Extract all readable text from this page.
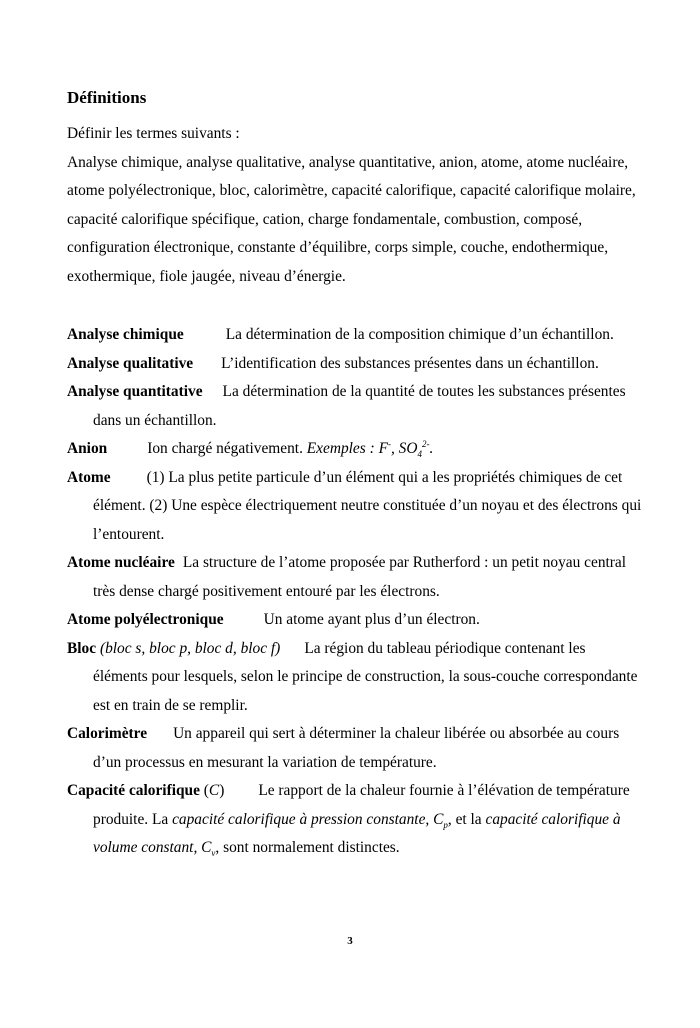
Définitions

Définir les termes suivants :

Analyse chimique, analyse qualitative, analyse quantitative, anion, atome, atome nucléaire, atome polyélectronique, bloc, calorimètre, capacité calorifique, capacité calorifique molaire, capacité calorifique spécifique, cation, charge fondamentale, combustion, composé, configuration électronique, constante d’équilibre, corps simple, couche, endothermique, exothermique, fiole jaugée, niveau d’énergie.

Analyse chimique	La détermination de la composition chimique d’un échantillon.

Analyse qualitative L’identification des substances présentes dans un échantillon.

Analyse quantitative La détermination de la quantité de toutes les substances présentes dans un échantillon.

Anion	Ion chargé négativement. Exemples : F-, $SO_4^{2-}$.

Atome (1) La plus petite particule d’un élément qui a les propriétés chimiques de cet élément. (2) Une espèce électriquement neutre constituée d’un noyau et des électrons qui l’entourent.

Atome nucléaire La structure de l’atome proposée par Rutherford : un petit noyau central très dense chargé positivement entouré par les électrons.

Atome polyélectronique	Un atome ayant plus d’un électron.

Bloc (bloc s, bloc p, bloc d, bloc f) La région du tableau périodique contenant les éléments pour lesquels, selon le principe de construction, la sous-couche correspondante est en train de se remplir.

Calorimètre Un appareil qui sert à déterminer la chaleur libérée ou absorbée au cours d’un processus en mesurant la variation de température.

Capacité calorifique (C) Le rapport de la chaleur fournie à l’élévation de température produite. La capacité calorifique à pression constante, $C_p$, et la capacité calorifique à volume constant, $C_v$, sont normalement distinctes.

3
